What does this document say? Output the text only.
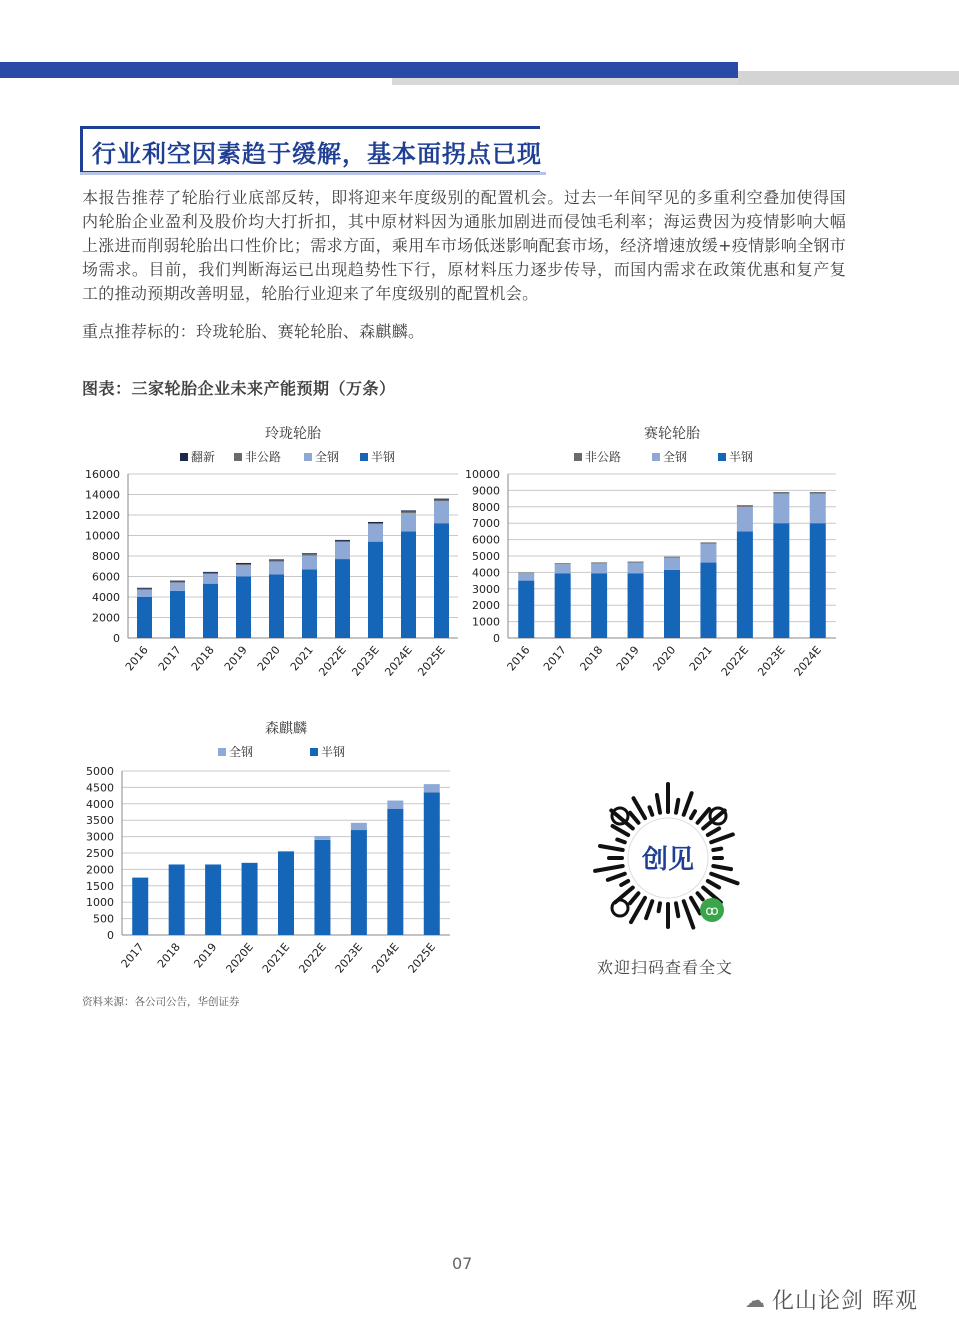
行业利空因素趋于缓解，基本面拐点已现
本报告推荐了轮胎行业底部反转，即将迎来年度级别的配置机会。过去一年间罕见的多重利空叠加使得国内轮胎企业盈利及股价均大打折扣，其中原材料因为通胀加剧进而侵蚀毛利率；海运费因为疫情影响大幅上涨进而削弱轮胎出口性价比；需求方面，乘用车市场低迷影响配套市场，经济增速放缓+疫情影响全钢市场需求。目前，我们判断海运已出现趋势性下行，原材料压力逐步传导，而国内需求在政策优惠和复产复工的推动预期改善明显，轮胎行业迎来了年度级别的配置机会。
重点推荐标的：玲珑轮胎、赛轮轮胎、森麒麟。
图表：三家轮胎企业未来产能预期（万条）
玲珑轮胎
翻新 非公路	全钢	半钢
0
2000
4000
6000
8000
10000
12000
14000
16000
2016 2017 2018 2019 2020 2021 2022E 2023E 2024E 2025E
赛轮轮胎
非公路	全钢	半钢
0
1000
2000
3000
4000
5000
6000
7000
8000
9000
10000
2016 2017 2018 2019 2020 2021 2022E 2023E 2024E
森麒麟
全钢	半钢
0
500
1000
1500
2000
2500
3000
3500
4000
4500
5000
2017 2018 2019 2020E 2021E 2022E 2023E 2024E 2025E
资料来源：各公司公告，华创证券
创见
ꝏ
欢迎扫码查看全文
07
☁ 化山论剑 晖观
